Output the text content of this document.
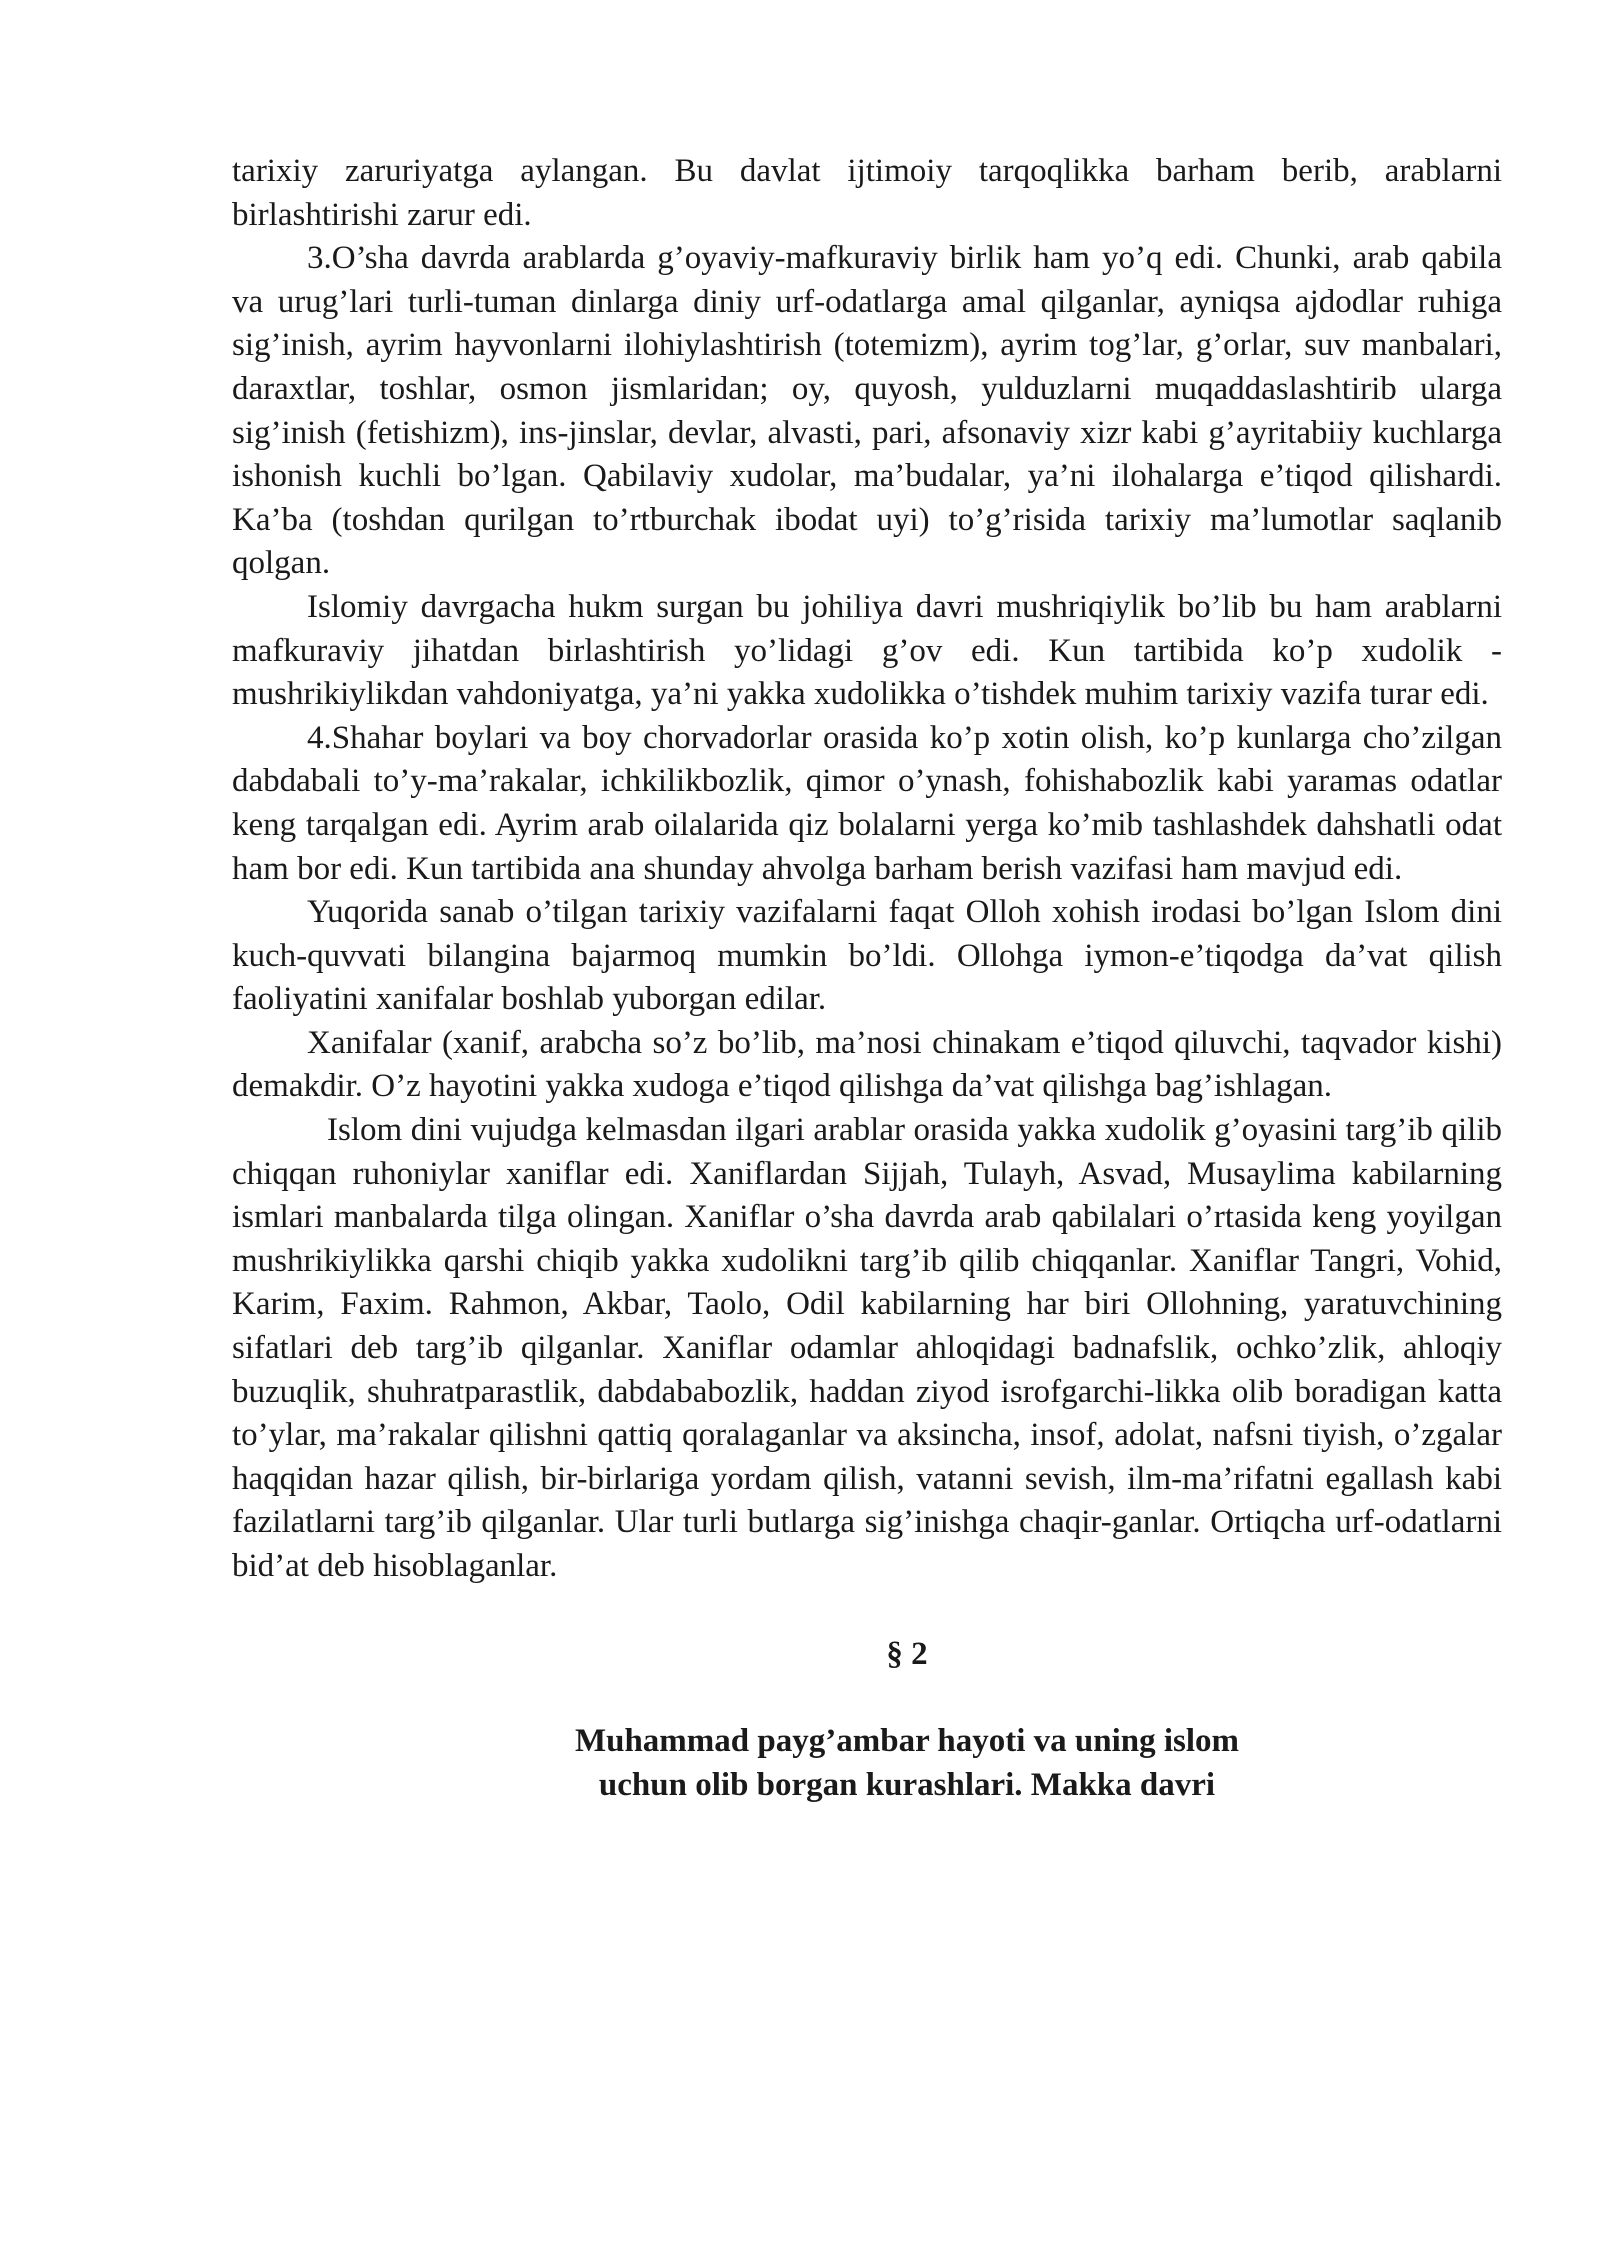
tarixiy zaruriyatga aylangan. Bu davlat ijtimoiy tarqoqlikka barham berib, arablarni birlashtirishi zarur edi.

3.O’sha davrda arablarda g’oyaviy-mafkuraviy birlik ham yo’q edi. Chunki, arab qabila va urug’lari turli-tuman dinlarga diniy urf-odatlarga amal qilganlar, ayniqsa ajdodlar ruhiga sig’inish, ayrim hayvonlarni ilohiylashtirish (totemizm), ayrim tog’lar, g’orlar, suv manbalari, daraxtlar, toshlar, osmon jismlaridan; oy, quyosh, yulduzlarni muqaddaslashtirib ularga sig’inish (fetishizm), ins-jinslar, devlar, alvasti, pari, afsonaviy xizr kabi g’ayritabiiy kuchlarga ishonish kuchli bo’lgan. Qabilaviy xudolar, ma’budalar, ya’ni ilohalarga e’tiqod qilishardi. Ka’ba (toshdan qurilgan to’rtburchak ibodat uyi) to’g’risida tarixiy ma’lumotlar saqlanib qolgan.

Islomiy davrgacha hukm surgan bu johiliya davri mushriqiylik bo’lib bu ham arablarni mafkuraviy jihatdan birlashtirish yo’lidagi g’ov edi. Kun tartibida ko’p xudolik - mushrikiylikdan vahdoniyatga, ya’ni yakka xudolikka o’tishdek muhim tarixiy vazifa turar edi.

4.Shahar boylari va boy chorvadorlar orasida ko’p xotin olish, ko’p kunlarga cho’zilgan dabdabali to’y-ma’rakalar, ichkilikbozlik, qimor o’ynash, fohishabozlik kabi yaramas odatlar keng tarqalgan edi. Ayrim arab oilalarida qiz bolalarni yerga ko’mib tashlashdek dahshatli odat ham bor edi. Kun tartibida ana shunday ahvolga barham berish vazifasi ham mavjud edi.

Yuqorida sanab o’tilgan tarixiy vazifalarni faqat Olloh xohish irodasi bo’lgan Islom dini kuch-quvvati bilangina bajarmoq mumkin bo’ldi. Ollohga iymon-e’tiqodga da’vat qilish faoliyatini xanifalar boshlab yuborgan edilar.

Xanifalar (xanif, arabcha so’z bo’lib, ma’nosi chinakam e’tiqod qiluvchi, taqvador kishi) demakdir. O’z hayotini yakka xudoga e’tiqod qilishga da’vat qilishga bag’ishlagan.

Islom dini vujudga kelmasdan ilgari arablar orasida yakka xudolik g’oyasini targ’ib qilib chiqqan ruhoniylar xaniflar edi. Xaniflardan Sijjah, Tulayh, Asvad, Musaylima kabilarning ismlari manbalarda tilga olingan. Xaniflar o’sha davrda arab qabilalari o’rtasida keng yoyilgan mushrikiylikka qarshi chiqib yakka xudolikni targ’ib qilib chiqqanlar. Xaniflar Tangri, Vohid, Karim, Faxim. Rahmon, Akbar, Taolo, Odil kabilarning har biri Ollohning, yaratuvchining sifatlari deb targ’ib qilganlar. Xaniflar odamlar ahloqidagi badnafslik, ochko’zlik, ahloqiy buzuqlik, shuhratparastlik, dabdababozlik, haddan ziyod isrofgarchi-likka olib boradigan katta to’ylar, ma’rakalar qilishni qattiq qoralaganlar va aksincha, insof, adolat, nafsni tiyish, o’zgalar haqqidan hazar qilish, bir-birlariga yordam qilish, vatanni sevish, ilm-ma’rifatni egallash kabi fazilatlarni targ’ib qilganlar. Ular turli butlarga sig’inishga chaqir-ganlar. Ortiqcha urf-odatlarni bid’at deb hisoblaganlar.

§ 2
Muhammad payg’ambar hayoti va uning islom
uchun olib borgan kurashlari. Makka davri
